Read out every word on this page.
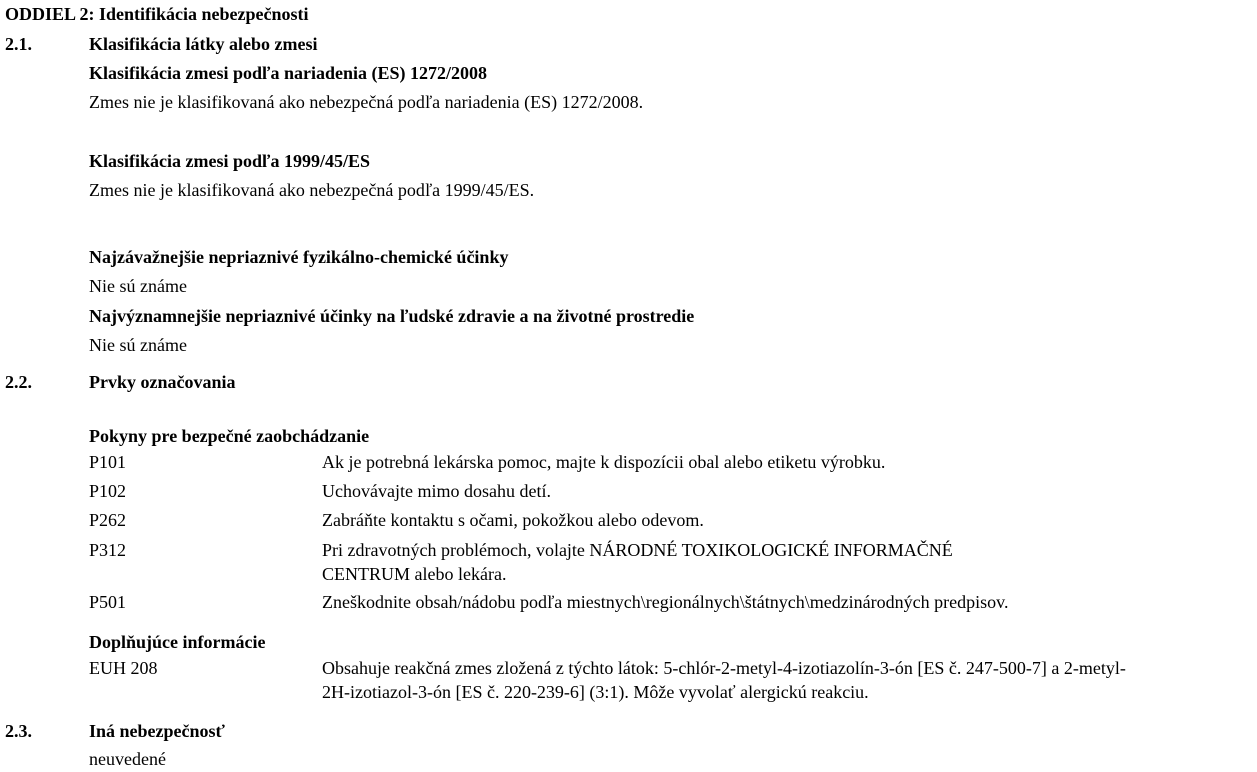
ODDIEL 2: Identifikácia nebezpečnosti
2.1.	Klasifikácia látky alebo zmesi
Klasifikácia zmesi podľa nariadenia (ES) 1272/2008
Zmes nie je klasifikovaná ako nebezpečná podľa nariadenia (ES) 1272/2008.
Klasifikácia zmesi podľa 1999/45/ES
Zmes nie je klasifikovaná ako nebezpečná podľa 1999/45/ES.
Najzávažnejšie nepriaznivé fyzikálno-chemické účinky
Nie sú známe
Najvýznamnejšie nepriaznivé účinky na ľudské zdravie a na životné prostredie
Nie sú známe
2.2.	Prvky označovania
Pokyny pre bezpečné zaobchádzanie
P101	Ak je potrebná lekárska pomoc, majte k dispozícii obal alebo etiketu výrobku.
P102	Uchovávajte mimo dosahu detí.
P262	Zabráňte kontaktu s očami, pokožkou alebo odevom.
P312	Pri zdravotných problémoch, volajte NÁRODNÉ TOXIKOLOGICKÉ INFORMAČNÉ
CENTRUM alebo lekára.
P501	Zneškodnite obsah/nádobu podľa miestnych\regionálnych\štátnych\medzinárodných predpisov.
Doplňujúce informácie
EUH 208	Obsahuje reakčná zmes zložená z týchto látok: 5-chlór-2-metyl-4-izotiazolín-3-ón [ES č. 247-500-7] a 2-metyl-
2H-izotiazol-3-ón [ES č. 220-239-6] (3:1). Môže vyvolať alergickú reakciu.
2.3.	Iná nebezpečnosť
neuvedené
